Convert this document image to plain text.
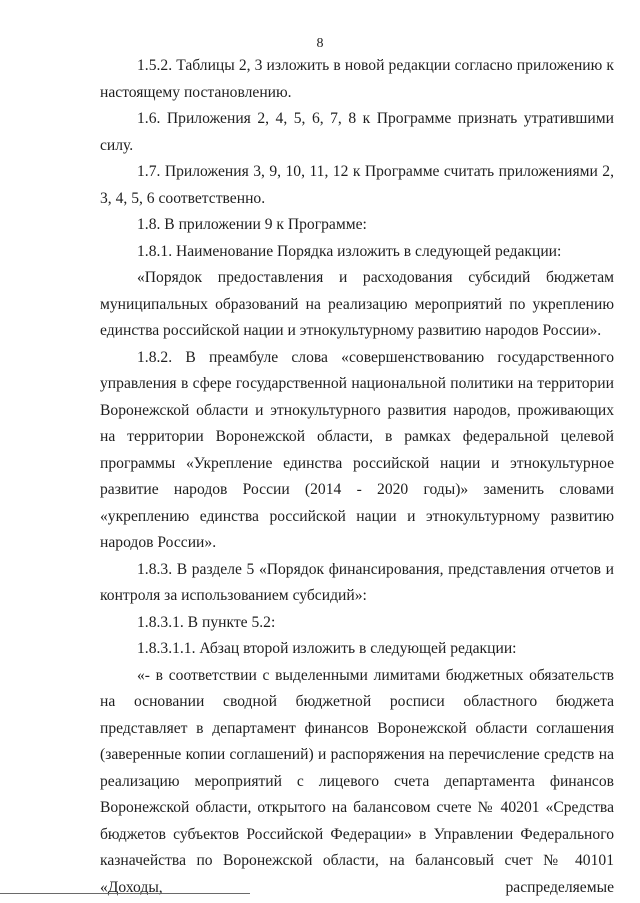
8

1.5.2. Таблицы 2, 3 изложить в новой редакции согласно приложению к настоящему постановлению.

1.6. Приложения 2, 4, 5, 6, 7, 8 к Программе признать утратившими силу.

1.7. Приложения 3, 9, 10, 11, 12 к Программе считать приложениями 2, 3, 4, 5, 6 соответственно.

1.8. В приложении 9 к Программе:

1.8.1. Наименование Порядка изложить в следующей редакции:

«Порядок предоставления и расходования субсидий бюджетам муниципальных образований на реализацию мероприятий по укреплению единства российской нации и этнокультурному развитию народов России».

1.8.2. В преамбуле слова «совершенствованию государственного управления в сфере государственной национальной политики на территории Воронежской области и этнокультурного развития народов, проживающих на территории Воронежской области, в рамках федеральной целевой программы «Укрепление единства российской нации и этнокультурное развитие народов России (2014 - 2020 годы)» заменить словами «укреплению единства российской нации и этнокультурному развитию народов России».

1.8.3. В разделе 5 «Порядок финансирования, представления отчетов и контроля за использованием субсидий»:

1.8.3.1. В пункте 5.2:

1.8.3.1.1. Абзац второй изложить в следующей редакции:

«- в соответствии с выделенными лимитами бюджетных обязательств на основании сводной бюджетной росписи областного бюджета представляет в департамент финансов Воронежской области соглашения (заверенные копии соглашений) и распоряжения на перечисление средств на реализацию мероприятий с лицевого счета департамента финансов Воронежской области, открытого на балансовом счете № 40201 «Средства бюджетов субъектов Российской Федерации» в Управлении Федерального казначейства по Воронежской области, на балансовый счет № 40101 «Доходы, распределяемые
